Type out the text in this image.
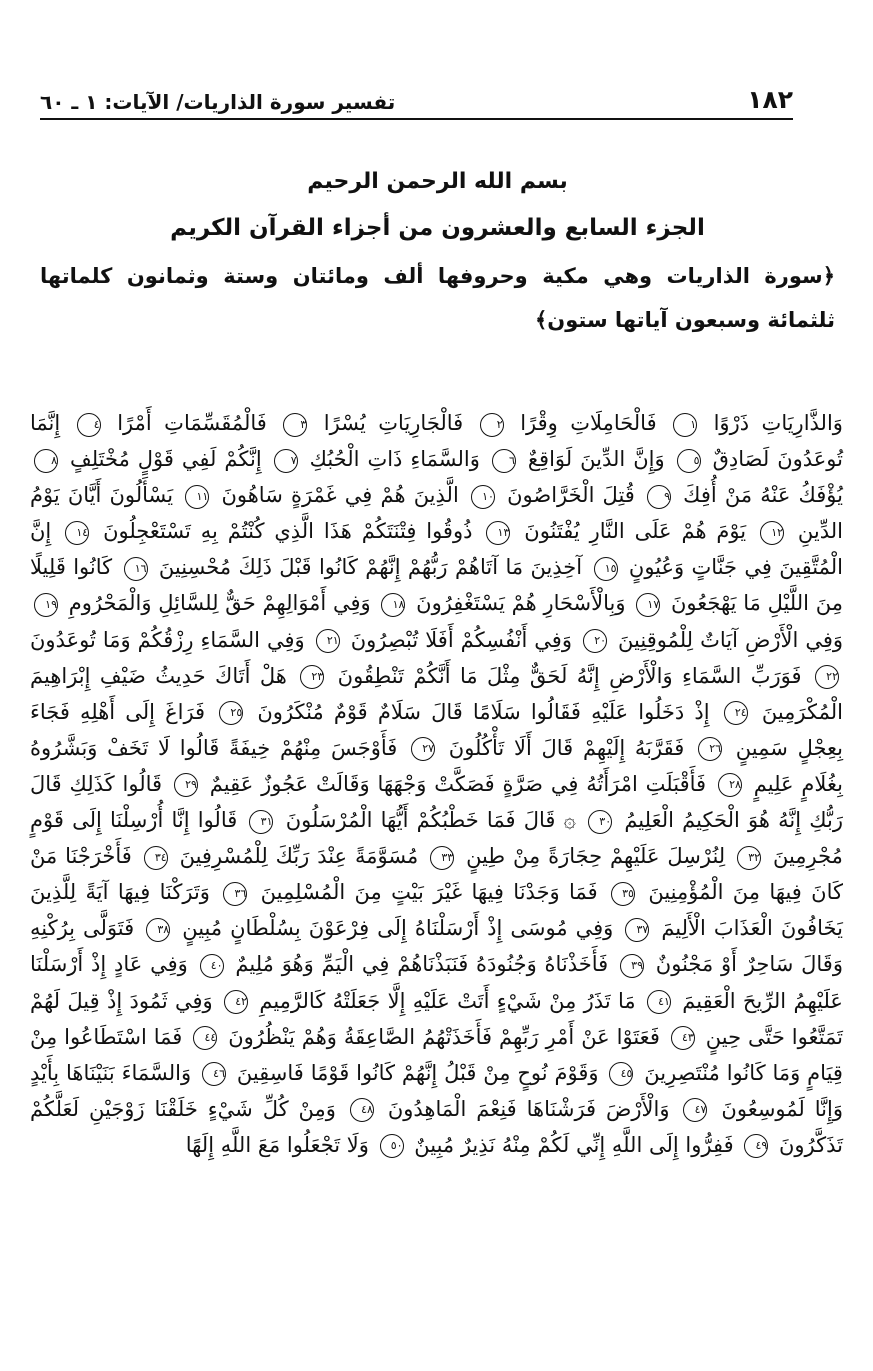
١٨٢
تفسير سورة الذاريات/ الآيات: ١ ـ ٦٠

بسم الله الرحمن الرحيم

الجزء السابع والعشرون من أجزاء القرآن الكريم

﴿سورة الذاريات وهي مكية وحروفها ألف ومائتان وستة وثمانون كلماتها ثلثمائة وسبعون آياتها ستون﴾

وَالذَّارِيَاتِ ذَرْوًا ١ فَالْحَامِلَاتِ وِقْرًا ٢ فَالْجَارِيَاتِ يُسْرًا ٣ فَالْمُقَسِّمَاتِ أَمْرًا ٤ إِنَّمَا تُوعَدُونَ لَصَادِقٌ ٥ وَإِنَّ الدِّينَ لَوَاقِعٌ ٦ وَالسَّمَاءِ ذَاتِ الْحُبُكِ ٧ إِنَّكُمْ لَفِي قَوْلٍ مُخْتَلِفٍ ٨ يُؤْفَكُ عَنْهُ مَنْ أُفِكَ ٩ قُتِلَ الْخَرَّاصُونَ ١٠ الَّذِينَ هُمْ فِي غَمْرَةٍ سَاهُونَ ١١ يَسْأَلُونَ أَيَّانَ يَوْمُ الدِّينِ ١٢ يَوْمَ هُمْ عَلَى النَّارِ يُفْتَنُونَ ١٣ ذُوقُوا فِتْنَتَكُمْ هَذَا الَّذِي كُنْتُمْ بِهِ تَسْتَعْجِلُونَ ١٤ إِنَّ الْمُتَّقِينَ فِي جَنَّاتٍ وَعُيُونٍ ١٥ آخِذِينَ مَا آتَاهُمْ رَبُّهُمْ إِنَّهُمْ كَانُوا قَبْلَ ذَلِكَ مُحْسِنِينَ ١٦ كَانُوا قَلِيلًا مِنَ اللَّيْلِ مَا يَهْجَعُونَ ١٧ وَبِالْأَسْحَارِ هُمْ يَسْتَغْفِرُونَ ١٨ وَفِي أَمْوَالِهِمْ حَقٌّ لِلسَّائِلِ وَالْمَحْرُومِ ١٩ وَفِي الْأَرْضِ آيَاتٌ لِلْمُوقِنِينَ ٢٠ وَفِي أَنْفُسِكُمْ أَفَلَا تُبْصِرُونَ ٢١ وَفِي السَّمَاءِ رِزْقُكُمْ وَمَا تُوعَدُونَ ٢٢ فَوَرَبِّ السَّمَاءِ وَالْأَرْضِ إِنَّهُ لَحَقٌّ مِثْلَ مَا أَنَّكُمْ تَنْطِقُونَ ٢٣ هَلْ أَتَاكَ حَدِيثُ ضَيْفِ إِبْرَاهِيمَ الْمُكْرَمِينَ ٢٤ إِذْ دَخَلُوا عَلَيْهِ فَقَالُوا سَلَامًا قَالَ سَلَامٌ قَوْمٌ مُنْكَرُونَ ٢٥ فَرَاغَ إِلَى أَهْلِهِ فَجَاءَ بِعِجْلٍ سَمِينٍ ٢٦ فَقَرَّبَهُ إِلَيْهِمْ قَالَ أَلَا تَأْكُلُونَ ٢٧ فَأَوْجَسَ مِنْهُمْ خِيفَةً قَالُوا لَا تَخَفْ وَبَشَّرُوهُ بِغُلَامٍ عَلِيمٍ ٢٨ فَأَقْبَلَتِ امْرَأَتُهُ فِي صَرَّةٍ فَصَكَّتْ وَجْهَهَا وَقَالَتْ عَجُوزٌ عَقِيمٌ ٢٩ قَالُوا كَذَلِكِ قَالَ رَبُّكِ إِنَّهُ هُوَ الْحَكِيمُ الْعَلِيمُ ٣٠ ۞ قَالَ فَمَا خَطْبُكُمْ أَيُّهَا الْمُرْسَلُونَ ٣١ قَالُوا إِنَّا أُرْسِلْنَا إِلَى قَوْمٍ مُجْرِمِينَ ٣٢ لِنُرْسِلَ عَلَيْهِمْ حِجَارَةً مِنْ طِينٍ ٣٣ مُسَوَّمَةً عِنْدَ رَبِّكَ لِلْمُسْرِفِينَ ٣٤ فَأَخْرَجْنَا مَنْ كَانَ فِيهَا مِنَ الْمُؤْمِنِينَ ٣٥ فَمَا وَجَدْنَا فِيهَا غَيْرَ بَيْتٍ مِنَ الْمُسْلِمِينَ ٣٦ وَتَرَكْنَا فِيهَا آيَةً لِلَّذِينَ يَخَافُونَ الْعَذَابَ الْأَلِيمَ ٣٧ وَفِي مُوسَى إِذْ أَرْسَلْنَاهُ إِلَى فِرْعَوْنَ بِسُلْطَانٍ مُبِينٍ ٣٨ فَتَوَلَّى بِرُكْنِهِ وَقَالَ سَاحِرٌ أَوْ مَجْنُونٌ ٣٩ فَأَخَذْنَاهُ وَجُنُودَهُ فَنَبَذْنَاهُمْ فِي الْيَمِّ وَهُوَ مُلِيمٌ ٤٠ وَفِي عَادٍ إِذْ أَرْسَلْنَا عَلَيْهِمُ الرِّيحَ الْعَقِيمَ ٤١ مَا تَذَرُ مِنْ شَيْءٍ أَتَتْ عَلَيْهِ إِلَّا جَعَلَتْهُ كَالرَّمِيمِ ٤٢ وَفِي ثَمُودَ إِذْ قِيلَ لَهُمْ تَمَتَّعُوا حَتَّى حِينٍ ٤٣ فَعَتَوْا عَنْ أَمْرِ رَبِّهِمْ فَأَخَذَتْهُمُ الصَّاعِقَةُ وَهُمْ يَنْظُرُونَ ٤٤ فَمَا اسْتَطَاعُوا مِنْ قِيَامٍ وَمَا كَانُوا مُنْتَصِرِينَ ٤٥ وَقَوْمَ نُوحٍ مِنْ قَبْلُ إِنَّهُمْ كَانُوا قَوْمًا فَاسِقِينَ ٤٦ وَالسَّمَاءَ بَنَيْنَاهَا بِأَيْدٍ وَإِنَّا لَمُوسِعُونَ ٤٧ وَالْأَرْضَ فَرَشْنَاهَا فَنِعْمَ الْمَاهِدُونَ ٤٨ وَمِنْ كُلِّ شَيْءٍ خَلَقْنَا زَوْجَيْنِ لَعَلَّكُمْ تَذَكَّرُونَ ٤٩ فَفِرُّوا إِلَى اللَّهِ إِنِّي لَكُمْ مِنْهُ نَذِيرٌ مُبِينٌ ٥٠ وَلَا تَجْعَلُوا مَعَ اللَّهِ إِلَهًا
